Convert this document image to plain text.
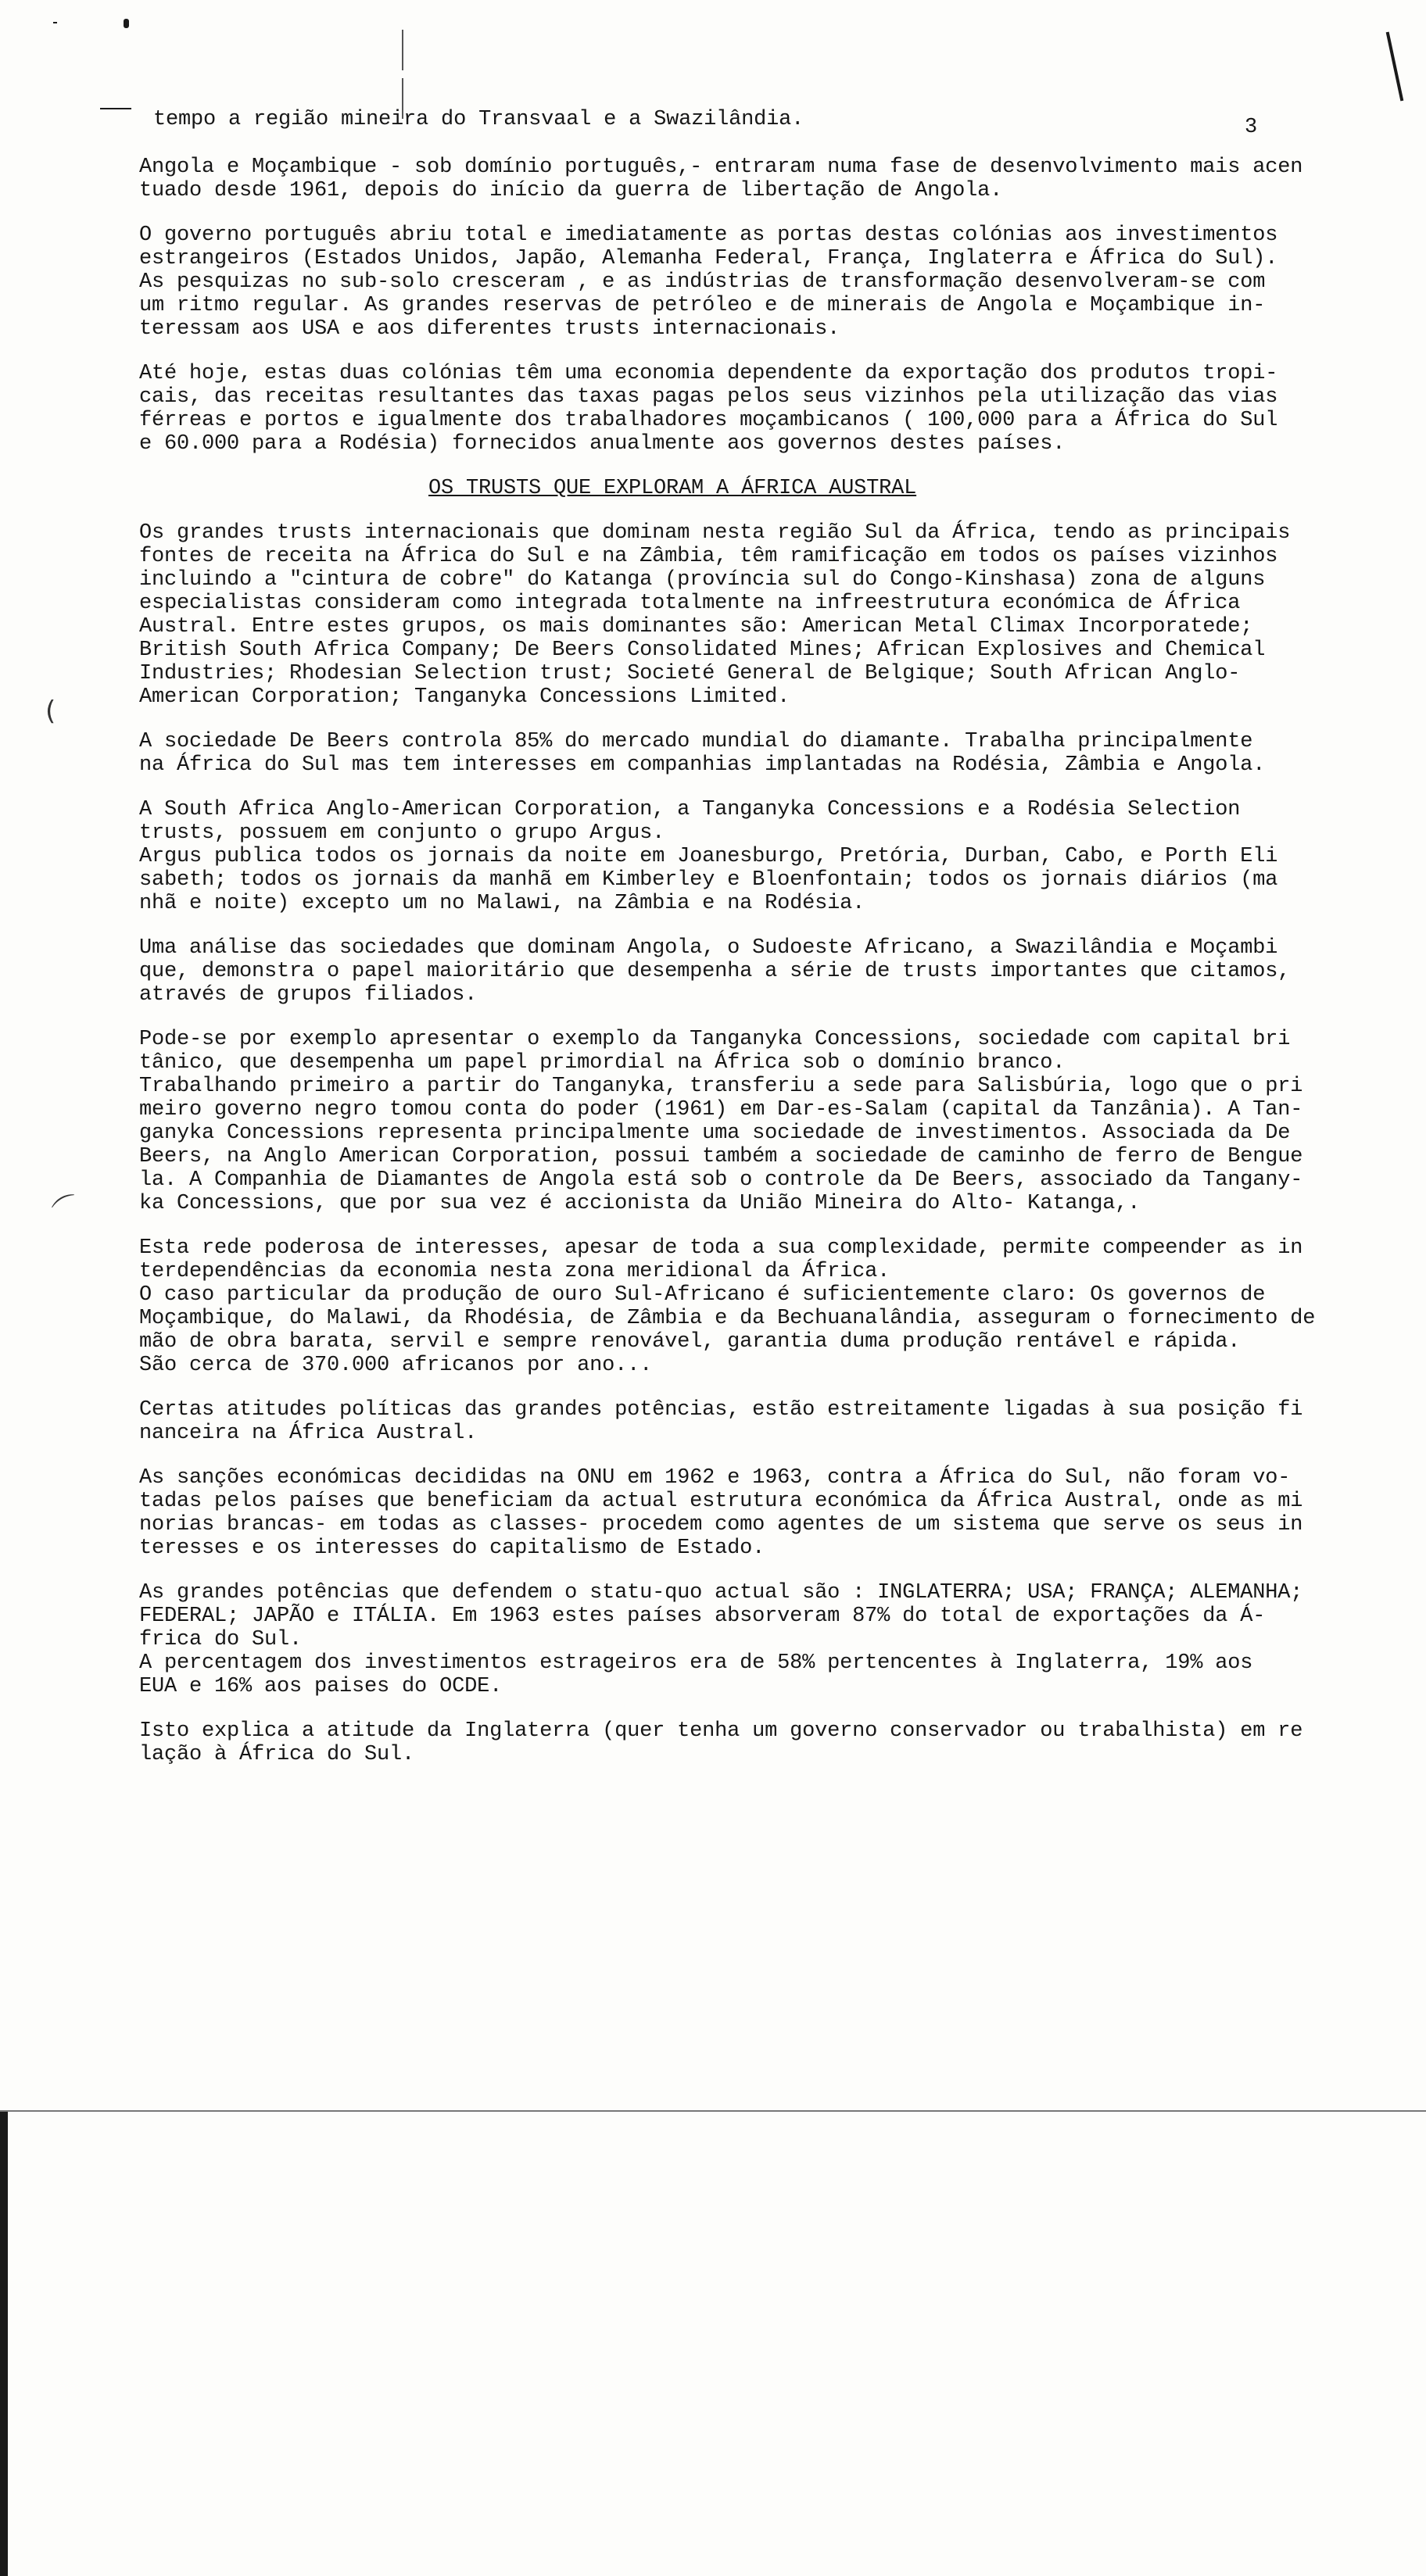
(
⌒
tempo a região mineira do Transvaal e a Swazilândia.	3
Angola e Moçambique - sob domínio português,- entraram numa fase de desenvolvimento mais acen
tuado desde 1961, depois do início da guerra de libertação de Angola.
O governo português abriu total e imediatamente as portas destas colónias aos investimentos
estrangeiros (Estados Unidos, Japão, Alemanha Federal, França, Inglaterra e África do Sul).
As pesquizas no sub-solo cresceram , e as indústrias de transformação desenvolveram-se com
um ritmo regular. As grandes reservas de petróleo e de minerais de Angola e Moçambique in-
teressam aos USA e aos diferentes trusts internacionais.
Até hoje, estas duas colónias têm uma economia dependente da exportação dos produtos tropi-
cais, das receitas resultantes das taxas pagas pelos seus vizinhos pela utilização das vias
férreas e portos e igualmente dos trabalhadores moçambicanos ( 100,000 para a África do Sul
e 60.000 para a Rodésia) fornecidos anualmente aos governos destes países.
OS TRUSTS QUE EXPLORAM A ÁFRICA AUSTRAL
Os grandes trusts internacionais que dominam nesta região Sul da África, tendo as principais
fontes de receita na África do Sul e na Zâmbia, têm ramificação em todos os países vizinhos
incluindo a "cintura de cobre" do Katanga (província sul do Congo-Kinshasa) zona de alguns
especialistas consideram como integrada totalmente na infreestrutura económica de África
Austral. Entre estes grupos, os mais dominantes são: American Metal Climax Incorporatede;
British South Africa Company; De Beers Consolidated Mines; African Explosives and Chemical
Industries; Rhodesian Selection trust; Societé General de Belgique; South African Anglo-
American Corporation; Tanganyka Concessions Limited.
A sociedade De Beers controla 85% do mercado mundial do diamante. Trabalha principalmente
na África do Sul mas tem interesses em companhias implantadas na Rodésia, Zâmbia e Angola.
A South Africa Anglo-American Corporation, a Tanganyka Concessions e a Rodésia Selection
trusts, possuem em conjunto o grupo Argus.
Argus publica todos os jornais da noite em Joanesburgo, Pretória, Durban, Cabo, e Porth Eli
sabeth; todos os jornais da manhã em Kimberley e Bloenfontain; todos os jornais diários (ma
nhã e noite) excepto um no Malawi, na Zâmbia e na Rodésia.
Uma análise das sociedades que dominam Angola, o Sudoeste Africano, a Swazilândia e Moçambi
que, demonstra o papel maioritário que desempenha a série de trusts importantes que citamos,
através de grupos filiados.
Pode-se por exemplo apresentar o exemplo da Tanganyka Concessions, sociedade com capital bri
tânico, que desempenha um papel primordial na África sob o domínio branco.
Trabalhando primeiro a partir do Tanganyka, transferiu a sede para Salisbúria, logo que o pri
meiro governo negro tomou conta do poder (1961) em Dar-es-Salam (capital da Tanzânia). A Tan-
ganyka Concessions representa principalmente uma sociedade de investimentos. Associada da De
Beers, na Anglo American Corporation, possui também a sociedade de caminho de ferro de Bengue
la. A Companhia de Diamantes de Angola está sob o controle da De Beers, associado da Tangany-
ka Concessions, que por sua vez é accionista da União Mineira do Alto- Katanga,.
Esta rede poderosa de interesses, apesar de toda a sua complexidade, permite compeender as in
terdependências da economia nesta zona meridional da África.
O caso particular da produção de ouro Sul-Africano é suficientemente claro: Os governos de
Moçambique, do Malawi, da Rhodésia, de Zâmbia e da Bechuanalândia, asseguram o fornecimento de
mão de obra barata, servil e sempre renovável, garantia duma produção rentável e rápida.
São cerca de 370.000 africanos por ano...
Certas atitudes políticas das grandes potências, estão estreitamente ligadas à sua posição fi
nanceira na África Austral.
As sanções económicas decididas na ONU em 1962 e 1963, contra a África do Sul, não foram vo-
tadas pelos países que beneficiam da actual estrutura económica da África Austral, onde as mi
norias brancas- em todas as classes- procedem como agentes de um sistema que serve os seus in
teresses e os interesses do capitalismo de Estado.
As grandes potências que defendem o statu-quo actual são : INGLATERRA; USA; FRANÇA; ALEMANHA;
FEDERAL; JAPÃO e ITÁLIA. Em 1963 estes países absorveram 87% do total de exportações da Á-
frica do Sul.
A percentagem dos investimentos estrageiros era de 58% pertencentes à Inglaterra, 19% aos
EUA e 16% aos paises do OCDE.
Isto explica a atitude da Inglaterra (quer tenha um governo conservador ou trabalhista) em re
lação à África do Sul.
